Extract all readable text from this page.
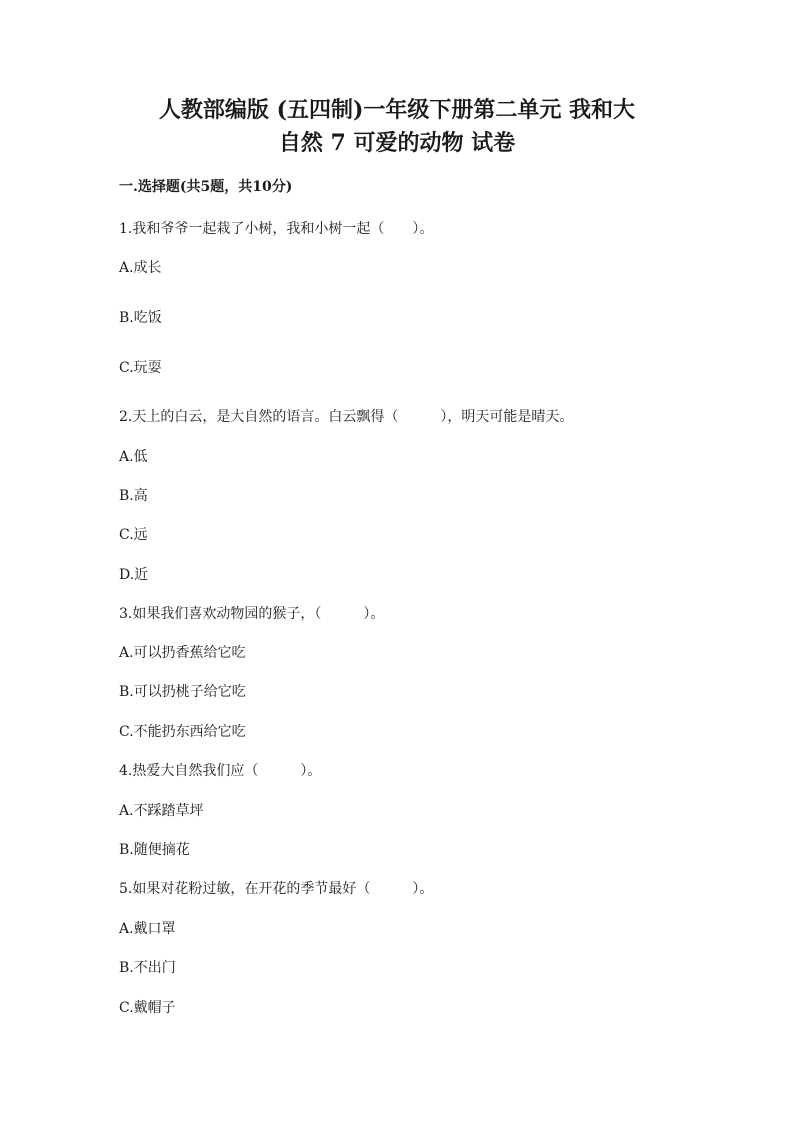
人教部编版 (五四制)一年级下册第二单元 我和大
自然 7 可爱的动物 试卷

一.选择题(共5题，共10分)

1.我和爷爷一起栽了小树，我和小树一起（　　）。

A.成长

B.吃饭

C.玩耍

2.天上的白云，是大自然的语言。白云飘得（　　　），明天可能是晴天。

A.低

B.高

C.远

D.近

3.如果我们喜欢动物园的猴子，（　　　）。

A.可以扔香蕉给它吃

B.可以扔桃子给它吃

C.不能扔东西给它吃

4.热爱大自然我们应（　　　）。

A.不踩踏草坪

B.随便摘花

5.如果对花粉过敏，在开花的季节最好（　　　）。

A.戴口罩

B.不出门

C.戴帽子
